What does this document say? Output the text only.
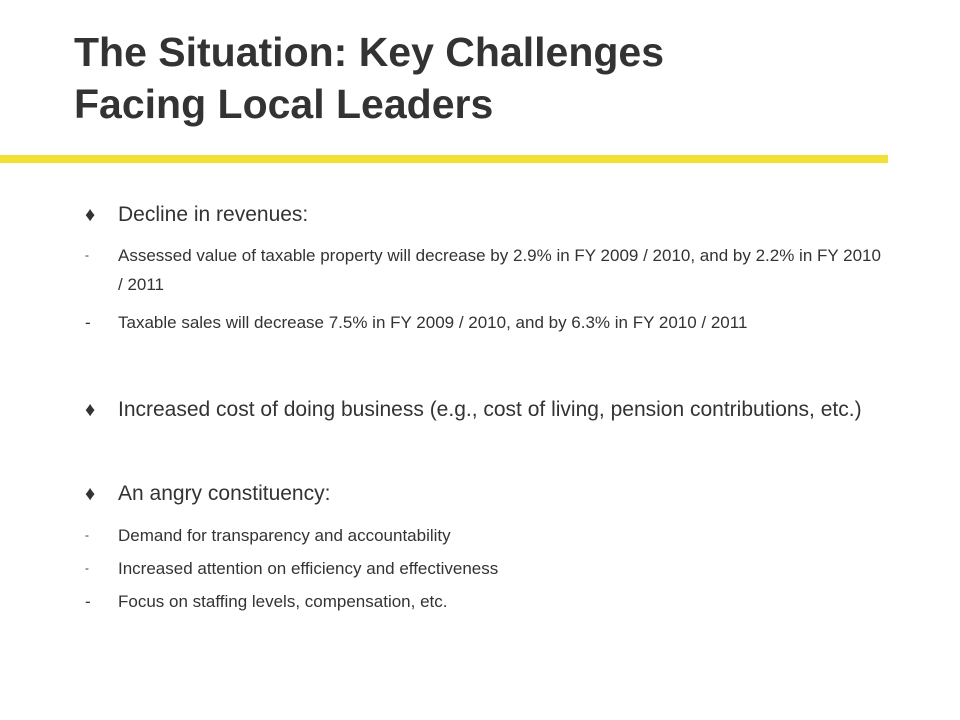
The Situation: Key Challenges
Facing Local Leaders
♦	Decline in revenues:
-	Assessed value of taxable property will decrease by 2.9% in FY 2009 / 2010, and by 2.2% in FY 2010 / 2011
-	Taxable sales will decrease 7.5% in FY 2009 / 2010, and by 6.3% in FY 2010 / 2011
♦	Increased cost of doing business (e.g., cost of living, pension contributions, etc.)
♦	An angry constituency:
-	Demand for transparency and accountability
-	Increased attention on efficiency and effectiveness
-	Focus on staffing levels, compensation, etc.
